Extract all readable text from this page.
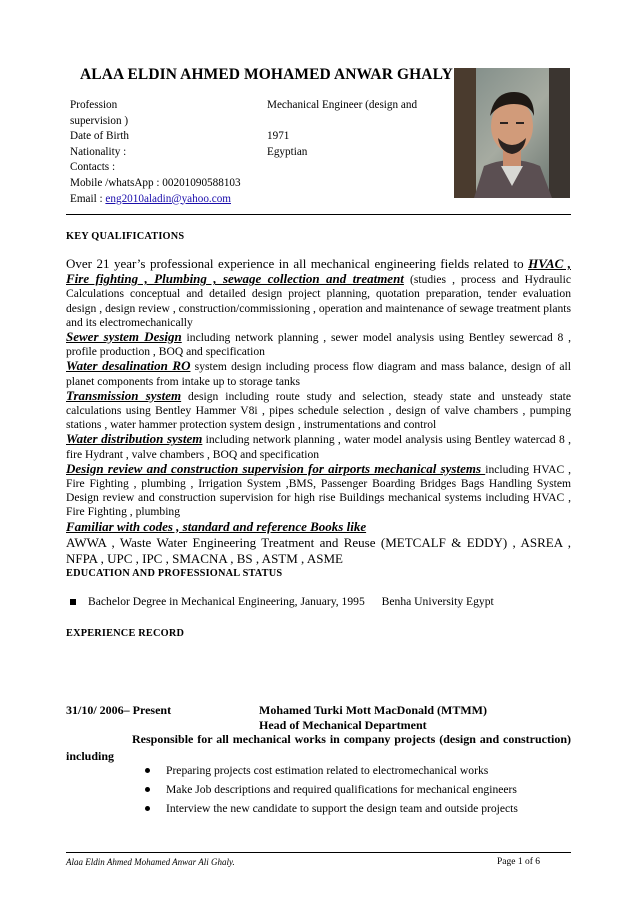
ALAA ELDIN AHMED MOHAMED ANWAR GHALY
Profession	Mechanical Engineer (design and
supervision )
Date of Birth	1971
Nationality :	Egyptian
Contacts :
Mobile /whatsApp : 00201090588103
Email : eng2010aladin@yahoo.com
KEY QUALIFICATIONS

Over 21 year’s professional experience in all mechanical engineering fields related to HVAC , Fire fighting , Plumbing , sewage collection and treatment (studies , process and Hydraulic Calculations conceptual and detailed design project planning, quotation preparation, tender evaluation design , design review , construction/commissioning , operation and maintenance of sewage treatment plants and its electromechanically

Sewer system Design including network planning , sewer model analysis using Bentley sewercad 8 , profile production , BOQ and specification

Water desalination RO system design including process flow diagram and mass balance, design of all planet components from intake up to storage tanks

Transmission system design including route study and selection, steady state and unsteady state calculations using Bentley Hammer V8i , pipes schedule selection , design of valve chambers , pumping stations , water hammer protection system design , instrumentations and control

Water distribution system including network planning , water model analysis using Bentley watercad 8 , fire Hydrant , valve chambers , BOQ and specification

Design review and construction supervision for airports mechanical systems including HVAC , Fire Fighting , plumbing , Irrigation System ,BMS, Passenger Boarding Bridges Bags Handling System Design review and construction supervision for high rise Buildings mechanical systems including HVAC , Fire Fighting , plumbing

Familiar with codes , standard and reference Books like

AWWA , Waste Water Engineering Treatment and Reuse (METCALF & EDDY) , ASREA , NFPA , UPC , IPC , SMACNA , BS , ASTM , ASME

EDUCATION AND PROFESSIONAL STATUS
Bachelor Degree in Mechanical Engineering, January, 1995 Benha University Egypt
EXPERIENCE RECORD
31/10/ 2006– Present	Mohamed Turki Mott MacDonald (MTMM)
Head of Mechanical Department
Responsible for all mechanical works in company projects (design and construction) including
Preparing projects cost estimation related to electromechanical works
Make Job descriptions and required qualifications for mechanical engineers
Interview the new candidate to support the design team and outside projects
Alaa Eldin Ahmed Mohamed Anwar Ali Ghaly.	Page 1 of 6
